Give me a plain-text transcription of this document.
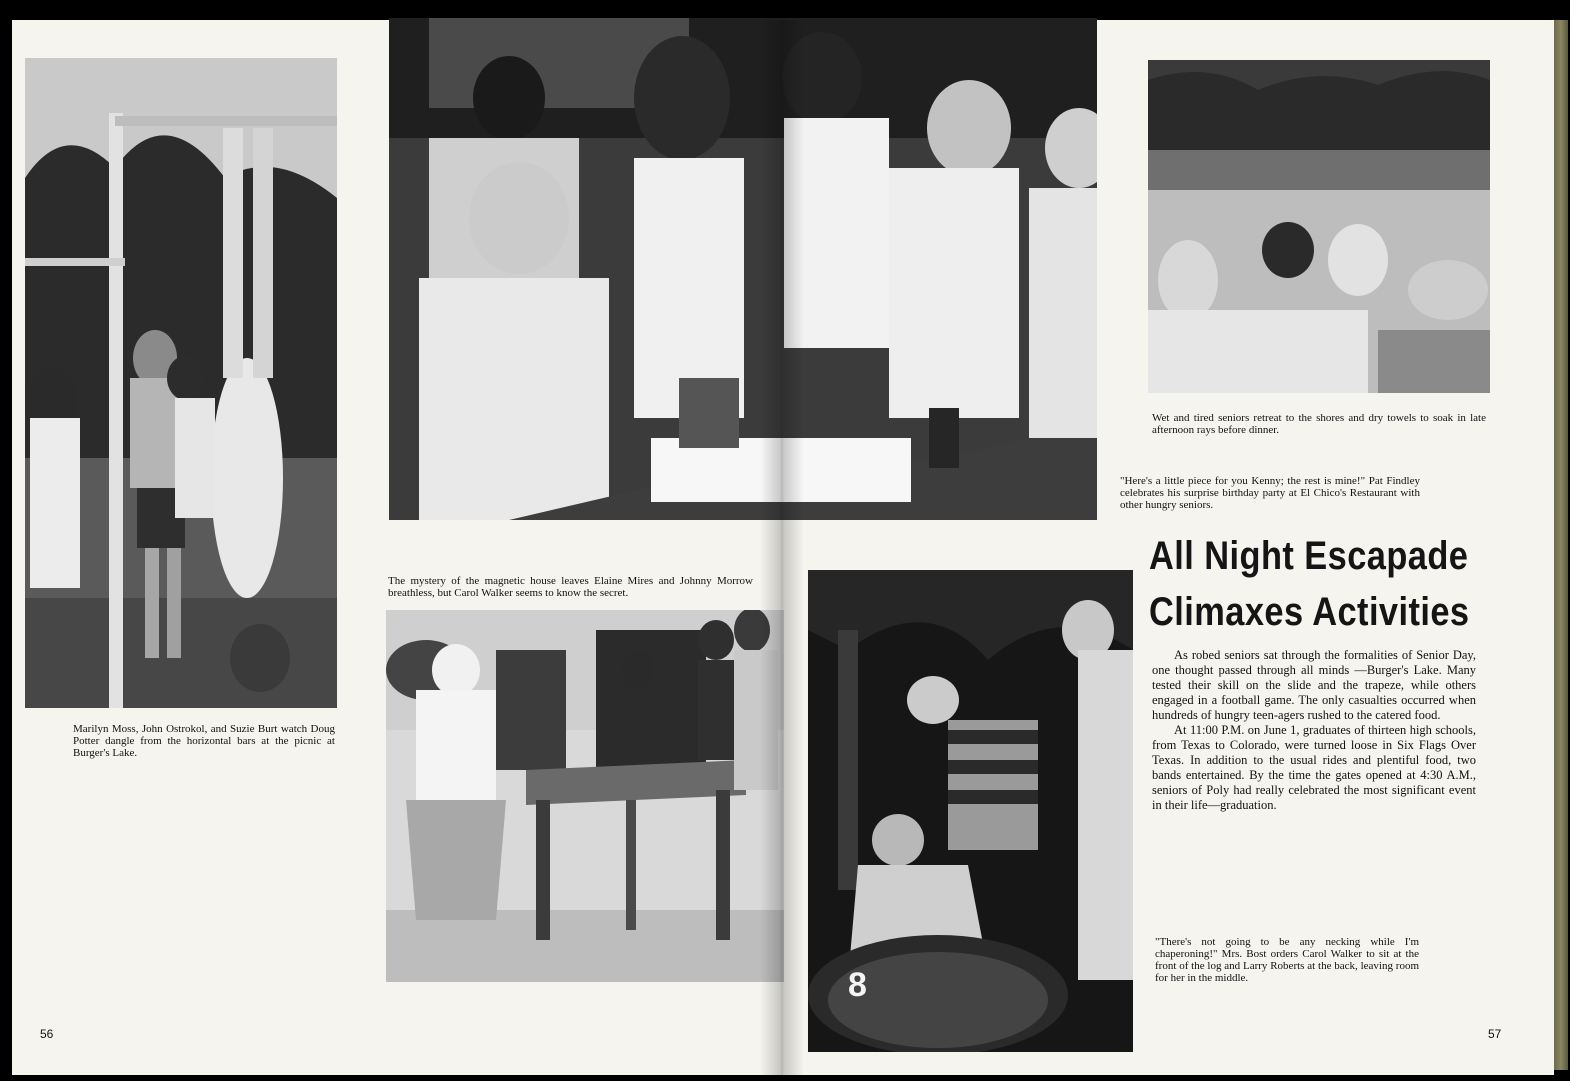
Marilyn Moss, John Ostrokol, and Suzie Burt watch Doug Potter dangle from the horizontal bars at the picnic at Burger's Lake.

Wet and tired seniors retreat to the shores and dry towels to soak in late afternoon rays before dinner.

"Here's a little piece for you Kenny; the rest is mine!" Pat Findley celebrates his surprise birthday party at El Chico's Restaurant with other hungry seniors.

The mystery of the magnetic house leaves Elaine Mires and Johnny Morrow breathless, but Carol Walker seems to know the secret.

8
All Night Escapade
Climaxes Activities

As robed seniors sat through the formalities of Senior Day, one thought passed through all minds —Burger's Lake. Many tested their skill on the slide and the trapeze, while others engaged in a football game. The only casualties occurred when hundreds of hungry teen-agers rushed to the catered food.

At 11:00 P.M. on June 1, graduates of thirteen high schools, from Texas to Colorado, were turned loose in Six Flags Over Texas. In addition to the usual rides and plentiful food, two bands entertained. By the time the gates opened at 4:30 A.M., seniors of Poly had really celebrated the most significant event in their life—graduation.

"There's not going to be any necking while I'm chaperoning!" Mrs. Bost orders Carol Walker to sit at the front of the log and Larry Roberts at the back, leaving room for her in the middle.

56	57
